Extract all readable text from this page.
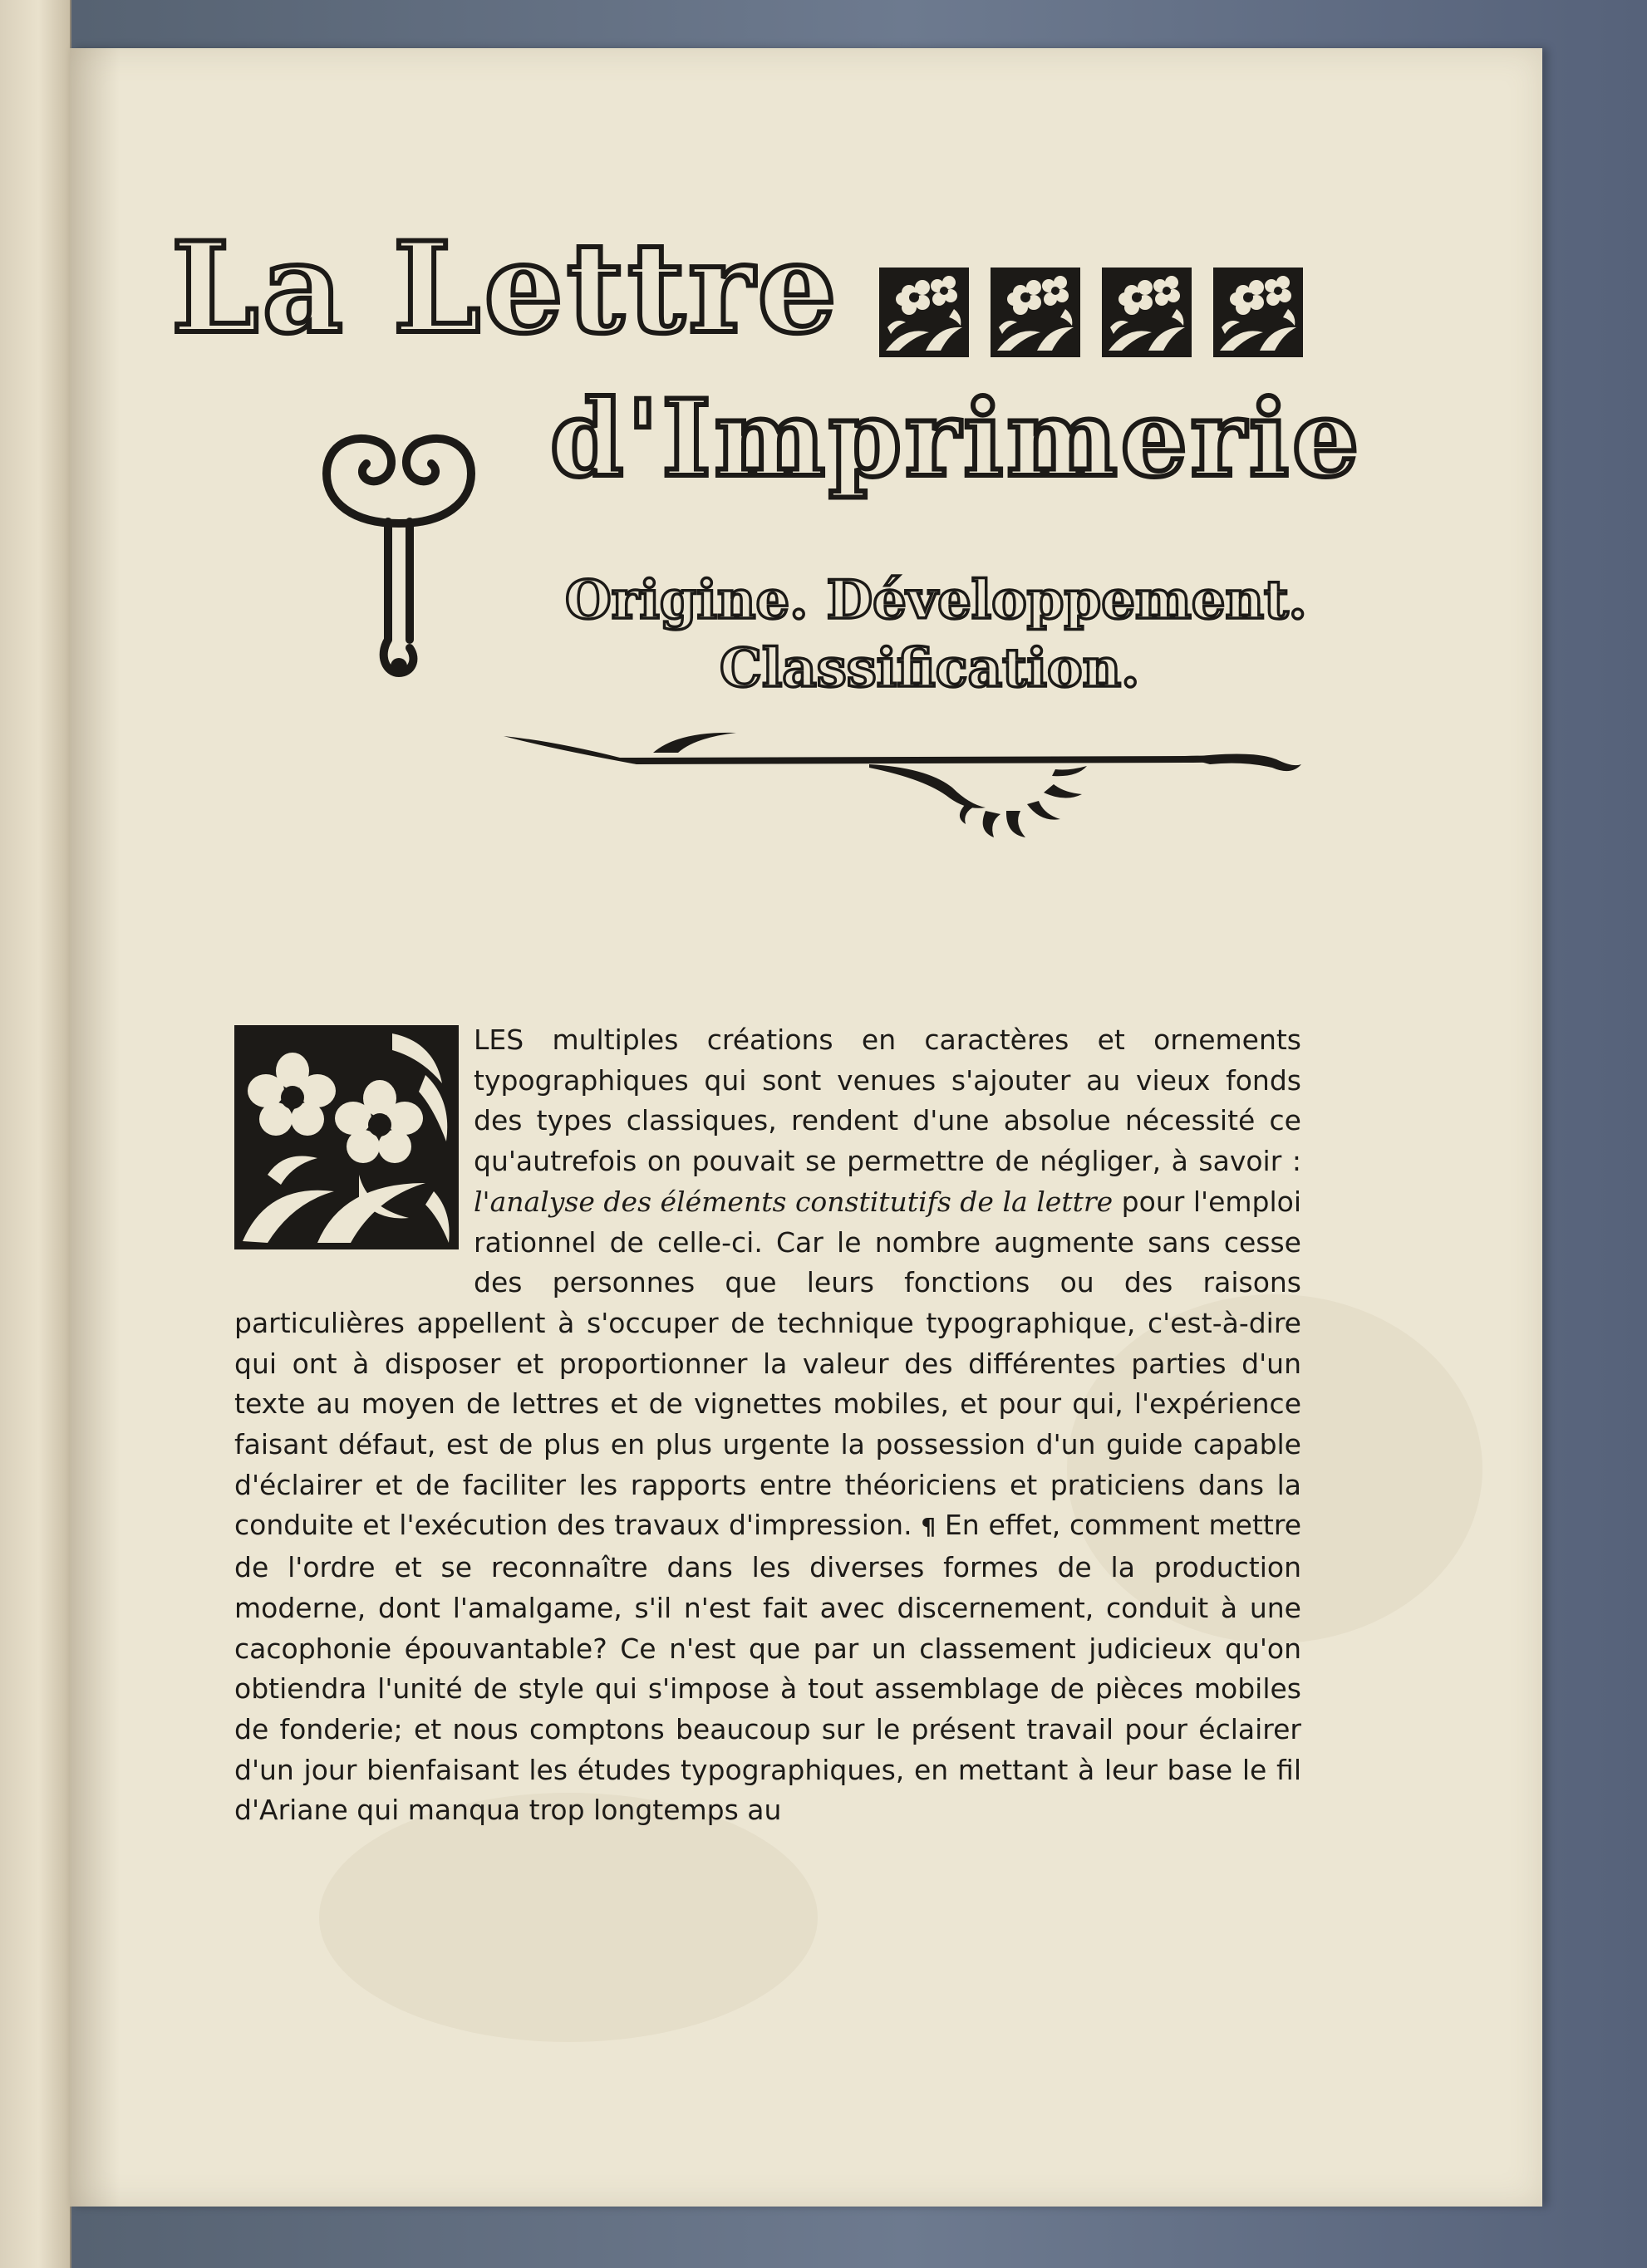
La Lettre
d'Imprimerie
Origine. Développement.
Classification.
LES multiples créations en caractères et ornements typographiques qui sont venues s'ajouter au vieux fonds des types classiques, rendent d'une absolue nécessité ce qu'autrefois on pouvait se permettre de négliger, à savoir : l'analyse des éléments constitutifs de la lettre pour l'emploi rationnel de celle-ci. Car le nombre augmente sans cesse des personnes que leurs fonctions ou des raisons particulières appellent à s'occuper de technique typographique, c'est-à-dire qui ont à disposer et proportionner la valeur des différentes parties d'un texte au moyen de lettres et de vignettes mobiles, et pour qui, l'expérience faisant défaut, est de plus en plus urgente la possession d'un guide capable d'éclairer et de faciliter les rapports entre théoriciens et praticiens dans la conduite et l'exécution des travaux d'impression. ¶ En effet, comment mettre de l'ordre et se reconnaître dans les diverses formes de la production moderne, dont l'amalgame, s'il n'est fait avec discernement, conduit à une cacophonie épouvantable? Ce n'est que par un classement judicieux qu'on obtiendra l'unité de style qui s'impose à tout assemblage de pièces mobiles de fonderie; et nous comptons beaucoup sur le présent travail pour éclairer d'un jour bienfaisant les études typographiques, en mettant à leur base le fil d'Ariane qui manqua trop longtemps au
